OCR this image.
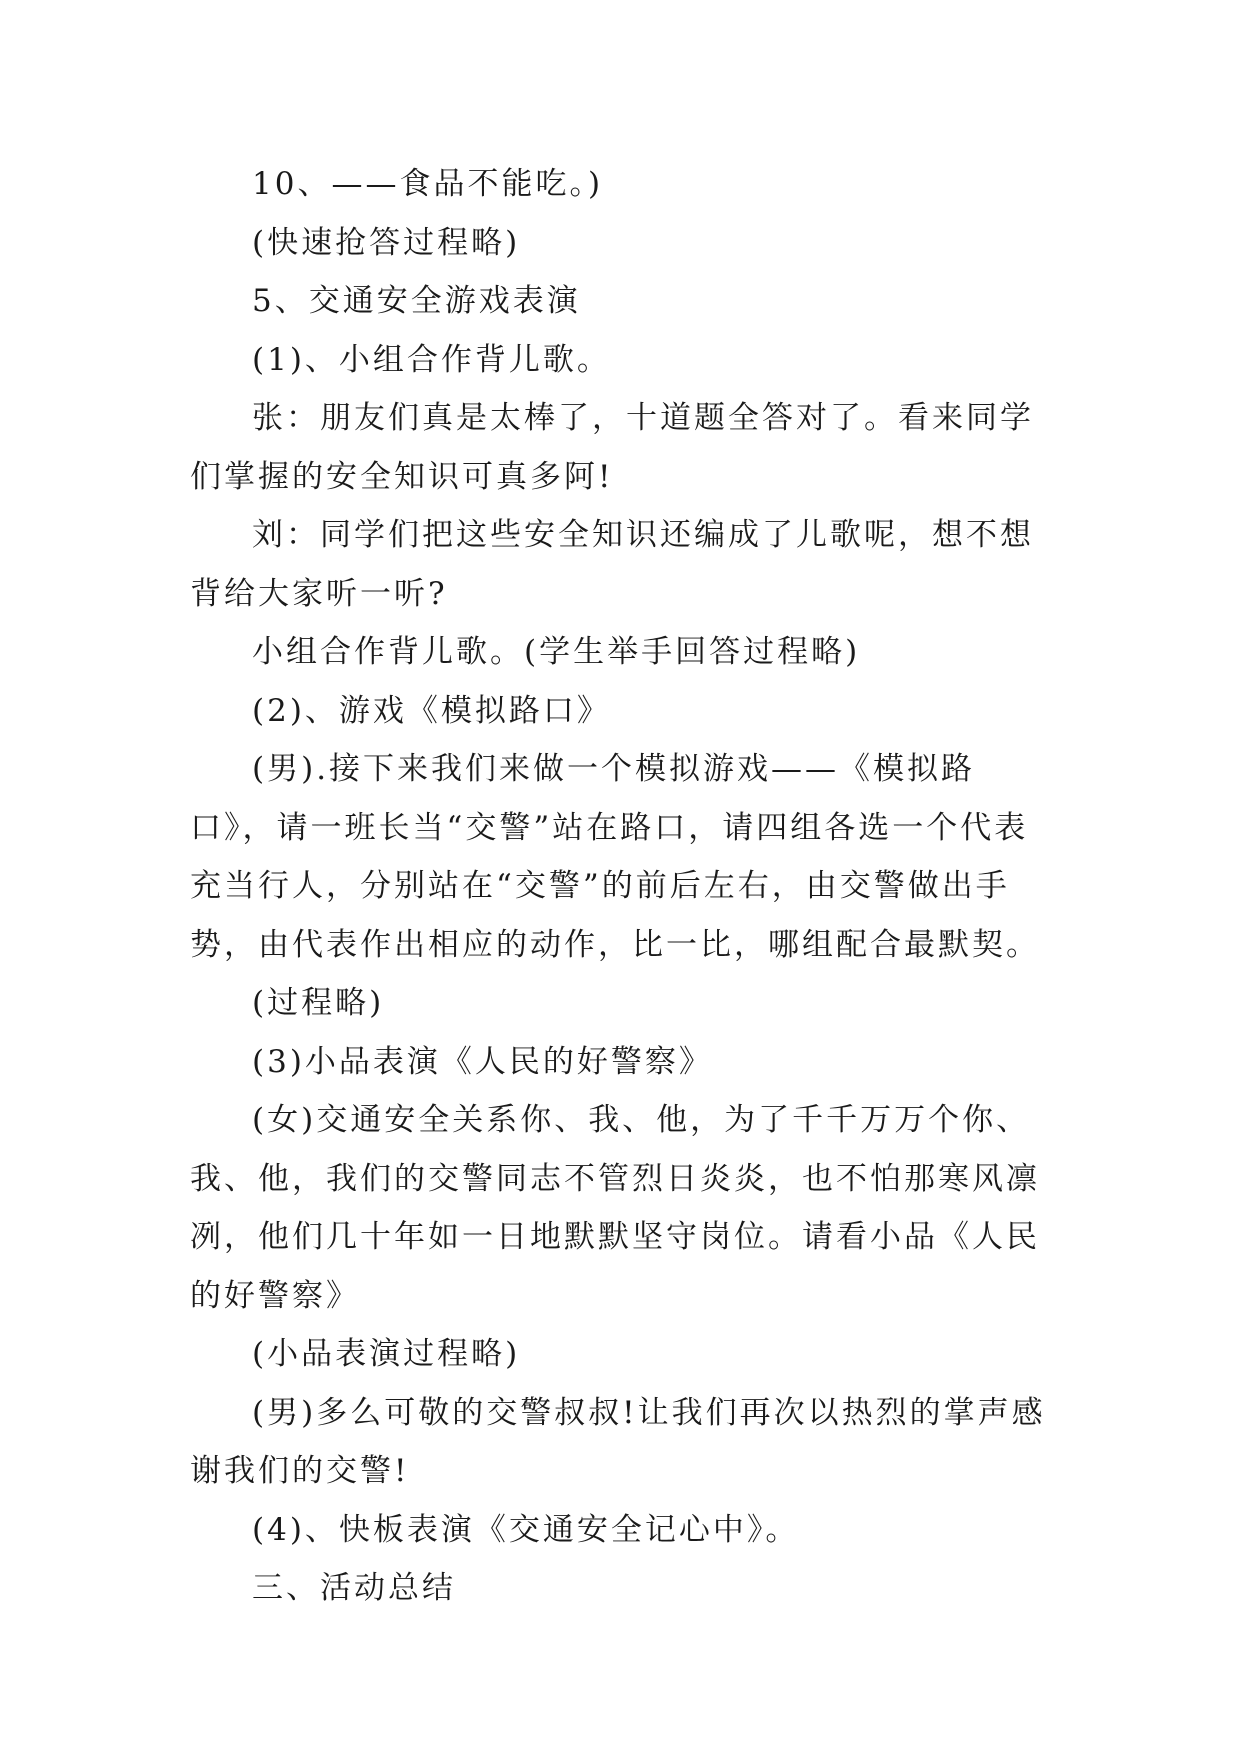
10、——食品不能吃。)

(快速抢答过程略)

5、交通安全游戏表演

(1)、小组合作背儿歌。

张：朋友们真是太棒了，十道题全答对了。看来同学们掌握的安全知识可真多阿!

刘：同学们把这些安全知识还编成了儿歌呢，想不想背给大家听一听?

小组合作背儿歌。(学生举手回答过程略)

(2)、游戏《模拟路口》

(男).接下来我们来做一个模拟游戏——《模拟路口》，请一班长当“交警”站在路口，请四组各选一个代表充当行人，分别站在“交警”的前后左右，由交警做出手势，由代表作出相应的动作，比一比，哪组配合最默契。

(过程略)

(3)小品表演《人民的好警察》

(女)交通安全关系你、我、他，为了千千万万个你、我、他，我们的交警同志不管烈日炎炎，也不怕那寒风凛冽，他们几十年如一日地默默坚守岗位。请看小品《人民的好警察》

(小品表演过程略)

(男)多么可敬的交警叔叔!让我们再次以热烈的掌声感谢我们的交警!

(4)、快板表演《交通安全记心中》。

三、活动总结
